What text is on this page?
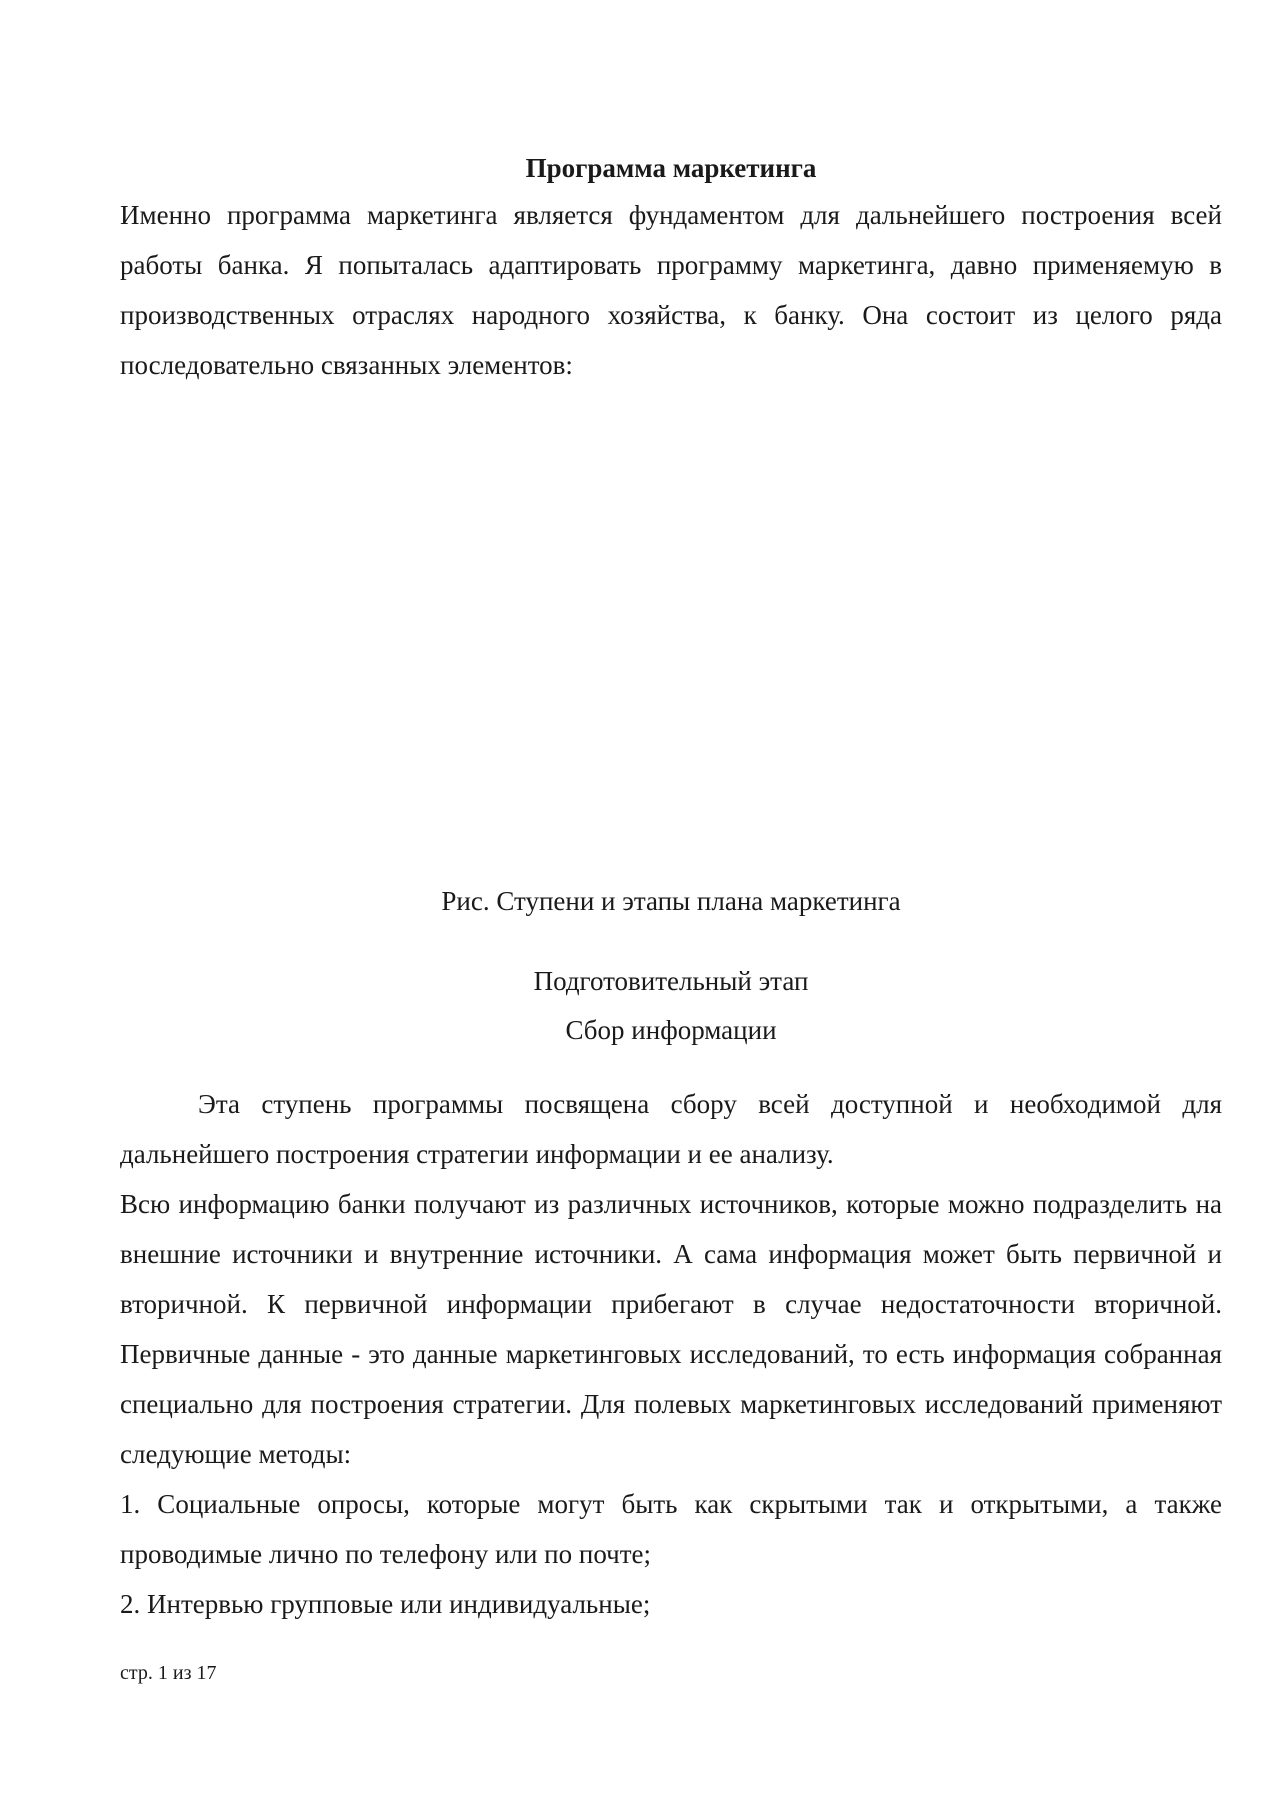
Программа маркетинга

Именно программа маркетинга является фундаментом для дальнейшего построения всей работы банка. Я попыталась адаптировать программу маркетинга, давно применяемую в производственных отраслях народного хозяйства, к банку. Она состоит из целого ряда последовательно связанных элементов:

Рис. Ступени и этапы плана маркетинга

Подготовительный этап

Сбор информации

Эта ступень программы посвящена сбору всей доступной и необходимой для дальнейшего построения стратегии информации и ее анализу.

Всю информацию банки получают из различных источников, которые можно подразделить на внешние источники и внутренние источники. А сама информация может быть первичной и вторичной. К первичной информации прибегают в случае недостаточности вторичной. Первичные данные - это данные маркетинговых исследований, то есть информация собранная специально для построения стратегии. Для полевых маркетинговых исследований применяют следующие методы:

1. Социальные опросы, которые могут быть как скрытыми так и открытыми, а также проводимые лично по телефону или по почте;

2. Интервью групповые или индивидуальные;

стр. 1 из 17
